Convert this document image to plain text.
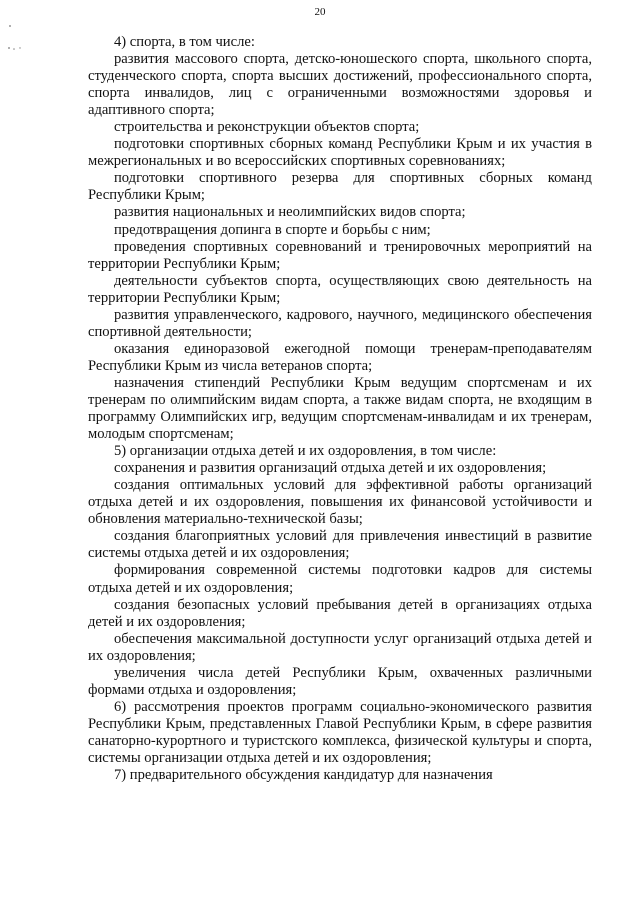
20

4) спорта, в том числе:

развития массового спорта, детско-юношеского спорта, школьного спорта, студенческого спорта, спорта высших достижений, профессионального спорта, спорта инвалидов, лиц с ограниченными возможностями здоровья и адаптивного спорта;

строительства и реконструкции объектов спорта;

подготовки спортивных сборных команд Республики Крым и их участия в межрегиональных и во всероссийских спортивных соревнованиях;

подготовки спортивного резерва для спортивных сборных команд Республики Крым;

развития национальных и неолимпийских видов спорта;

предотвращения допинга в спорте и борьбы с ним;

проведения спортивных соревнований и тренировочных мероприятий на территории Республики Крым;

деятельности субъектов спорта, осуществляющих свою деятельность на территории Республики Крым;

развития управленческого, кадрового, научного, медицинского обеспечения спортивной деятельности;

оказания единоразовой ежегодной помощи тренерам-преподавателям Республики Крым из числа ветеранов спорта;

назначения стипендий Республики Крым ведущим спортсменам и их тренерам по олимпийским видам спорта, а также видам спорта, не входящим в программу Олимпийских игр, ведущим спортсменам-инвалидам и их тренерам, молодым спортсменам;

5) организации отдыха детей и их оздоровления, в том числе:

сохранения и развития организаций отдыха детей и их оздоровления;

создания оптимальных условий для эффективной работы организаций отдыха детей и их оздоровления, повышения их финансовой устойчивости и обновления материально-технической базы;

создания благоприятных условий для привлечения инвестиций в развитие системы отдыха детей и их оздоровления;

формирования современной системы подготовки кадров для системы отдыха детей и их оздоровления;

создания безопасных условий пребывания детей в организациях отдыха детей и их оздоровления;

обеспечения максимальной доступности услуг организаций отдыха детей и их оздоровления;

увеличения числа детей Республики Крым, охваченных различными формами отдыха и оздоровления;

6) рассмотрения проектов программ социально-экономического развития Республики Крым, представленных Главой Республики Крым, в сфере развития санаторно-курортного и туристского комплекса, физической культуры и спорта, системы организации отдыха детей и их оздоровления;

7) предварительного обсуждения кандидатур для назначения
